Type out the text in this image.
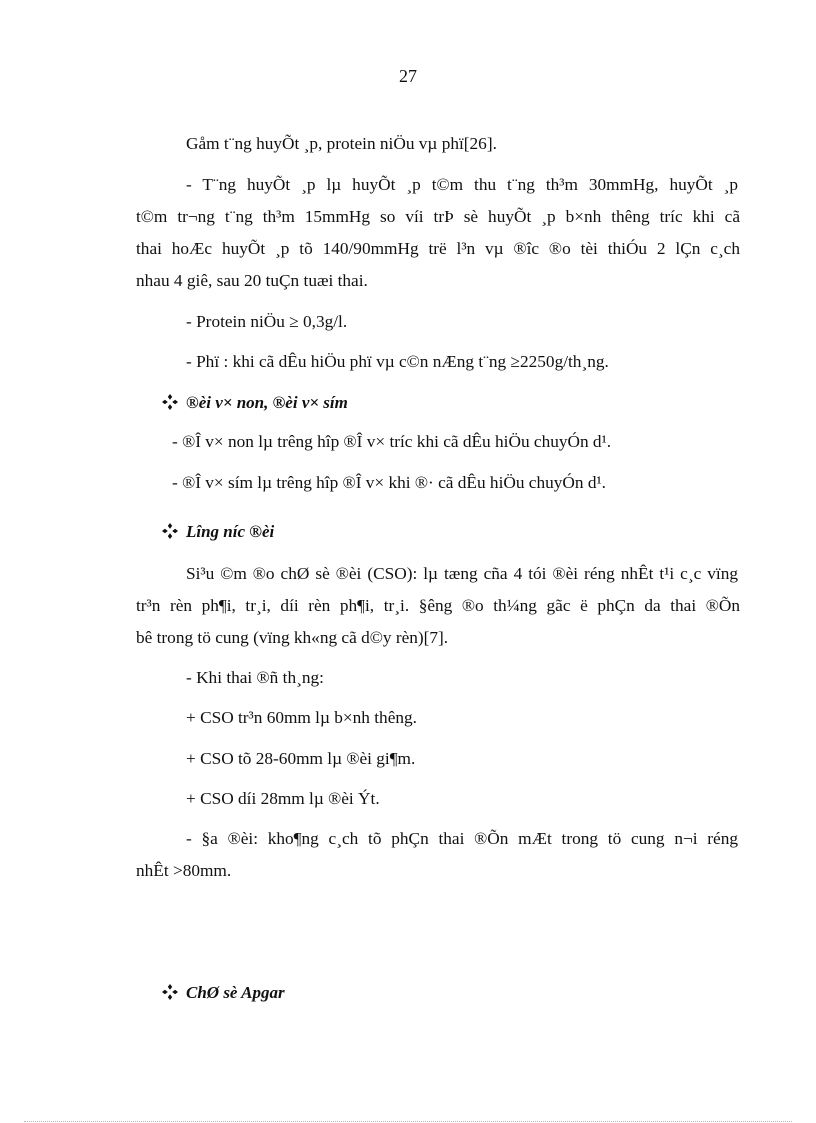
27
Gåm t¨ng huyÕt ¸p, protein niÖu vµ phï[26].
- T¨ng huyÕt ¸p lµ huyÕt ¸p t©m thu t¨ng th³m 30mmHg, huyÕt ¸p
t©m tr¬ng t¨ng th³m 15mmHg so víi trÞ sè huyÕt ¸p b×nh thêng tríc khi cã
thai hoÆc huyÕt ¸p tõ 140/90mmHg trë l³n vµ ®îc ®o tèi thiÓu 2 lÇn c¸ch
nhau 4 giê, sau 20 tuÇn tuæi thai.
- Protein niÖu ≥ 0,3g/l.
- Phï : khi cã dÊu hiÖu phï vµ c©n nÆng t¨ng ≥2250g/th¸ng.
®èi v× non, ®èi v× sím
- ®Î v× non lµ trêng hîp ®Î v× tríc khi cã dÊu hiÖu chuyÓn d¹.
- ®Î v× sím lµ trêng hîp ®Î v× khi ®· cã dÊu hiÖu chuyÓn d¹.
Lîng níc ®èi
Si³u ©m ®o chØ sè ®èi (CSO): lµ tæng cña 4 tói ®èi réng nhÊt t¹i c¸c vïng
tr³n rèn ph¶i, tr¸i, díi rèn ph¶i, tr¸i. §êng ®o th¼ng gãc ë phÇn da thai ®Õn
bê trong tö cung (vïng kh«ng cã d©y rèn)[7].
- Khi thai ®ñ th¸ng:
+ CSO tr³n 60mm lµ b×nh thêng.
+ CSO tõ 28-60mm lµ ®èi gi¶m.
+ CSO díi 28mm lµ ®èi Ýt.
- §a ®èi: kho¶ng c¸ch tõ phÇn thai ®Õn mÆt trong tö cung n¬i réng
nhÊt >80mm.
ChØ sè Apgar
